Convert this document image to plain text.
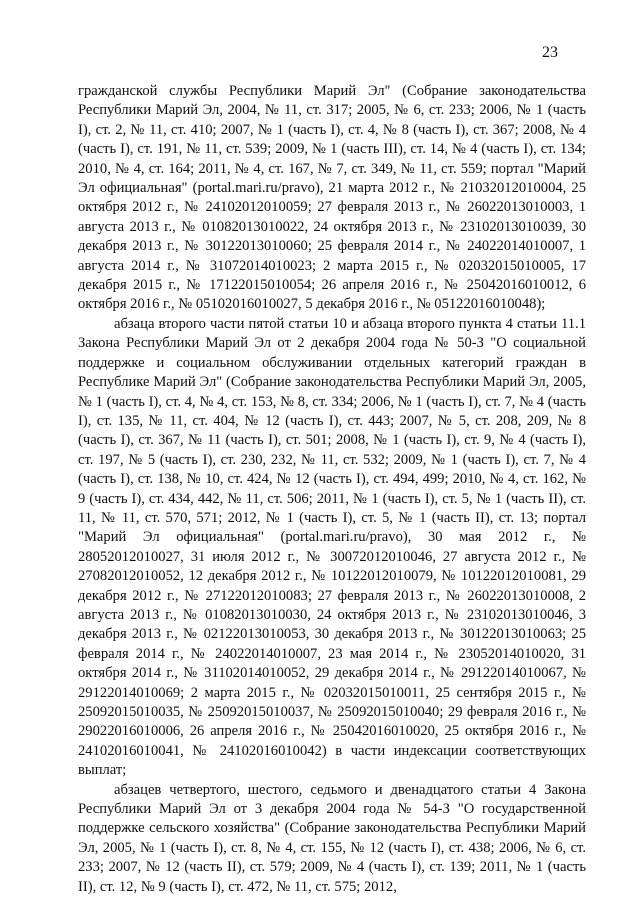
23

гражданской службы Республики Марий Эл" (Собрание законодательства Республики Марий Эл, 2004, № 11, ст. 317; 2005, № 6, ст. 233; 2006, № 1 (часть I), ст. 2, № 11, ст. 410; 2007, № 1 (часть I), ст. 4, № 8 (часть I), ст. 367; 2008, № 4 (часть I), ст. 191, № 11, ст. 539; 2009, № 1 (часть III), ст. 14, № 4 (часть I), ст. 134; 2010, № 4, ст. 164; 2011, № 4, ст. 167, № 7, ст. 349, № 11, ст. 559; портал "Марий Эл официальная" (portal.mari.ru/pravo), 21 марта 2012 г., № 21032012010004, 25 октября 2012 г., № 24102012010059; 27 февраля 2013 г., № 26022013010003, 1 августа 2013 г., № 01082013010022, 24 октября 2013 г., № 23102013010039, 30 декабря 2013 г., № 30122013010060; 25 февраля 2014 г., № 24022014010007, 1 августа 2014 г., № 31072014010023; 2 марта 2015 г., № 02032015010005, 17 декабря 2015 г., № 17122015010054; 26 апреля 2016 г., № 25042016010012, 6 октября 2016 г., № 05102016010027, 5 декабря 2016 г., № 05122016010048);

абзаца второго части пятой статьи 10 и абзаца второго пункта 4 статьи 11.1 Закона Республики Марий Эл от 2 декабря 2004 года № 50-З "О социальной поддержке и социальном обслуживании отдельных категорий граждан в Республике Марий Эл" (Собрание законодательства Республики Марий Эл, 2005, № 1 (часть I), ст. 4, № 4, ст. 153, № 8, ст. 334; 2006, № 1 (часть I), ст. 7, № 4 (часть I), ст. 135, № 11, ст. 404, № 12 (часть I), ст. 443; 2007, № 5, ст. 208, 209, № 8 (часть I), ст. 367, № 11 (часть I), ст. 501; 2008, № 1 (часть I), ст. 9, № 4 (часть I), ст. 197, № 5 (часть I), ст. 230, 232, № 11, ст. 532; 2009, № 1 (часть I), ст. 7, № 4 (часть I), ст. 138, № 10, ст. 424, № 12 (часть I), ст. 494, 499; 2010, № 4, ст. 162, № 9 (часть I), ст. 434, 442, № 11, ст. 506; 2011, № 1 (часть I), ст. 5, № 1 (часть II), ст. 11, № 11, ст. 570, 571; 2012, № 1 (часть I), ст. 5, № 1 (часть II), ст. 13; портал "Марий Эл официальная" (portal.mari.ru/pravo), 30 мая 2012 г., № 28052012010027, 31 июля 2012 г., № 30072012010046, 27 августа 2012 г., № 27082012010052, 12 декабря 2012 г., № 10122012010079, № 10122012010081, 29 декабря 2012 г., № 27122012010083; 27 февраля 2013 г., № 26022013010008, 2 августа 2013 г., № 01082013010030, 24 октября 2013 г., № 23102013010046, 3 декабря 2013 г., № 02122013010053, 30 декабря 2013 г., № 30122013010063; 25 февраля 2014 г., № 24022014010007, 23 мая 2014 г., № 23052014010020, 31 октября 2014 г., № 31102014010052, 29 декабря 2014 г., № 29122014010067, № 29122014010069; 2 марта 2015 г., № 02032015010011, 25 сентября 2015 г., № 25092015010035, № 25092015010037, № 25092015010040; 29 февраля 2016 г., № 29022016010006, 26 апреля 2016 г., № 25042016010020, 25 октября 2016 г., № 24102016010041, № 24102016010042) в части индексации соответствующих выплат;

абзацев четвертого, шестого, седьмого и двенадцатого статьи 4 Закона Республики Марий Эл от 3 декабря 2004 года № 54-З "О государственной поддержке сельского хозяйства" (Собрание законодательства Республики Марий Эл, 2005, № 1 (часть I), ст. 8, № 4, ст. 155, № 12 (часть I), ст. 438; 2006, № 6, ст. 233; 2007, № 12 (часть II), ст. 579; 2009, № 4 (часть I), ст. 139; 2011, № 1 (часть II), ст. 12, № 9 (часть I), ст. 472, № 11, ст. 575; 2012,
